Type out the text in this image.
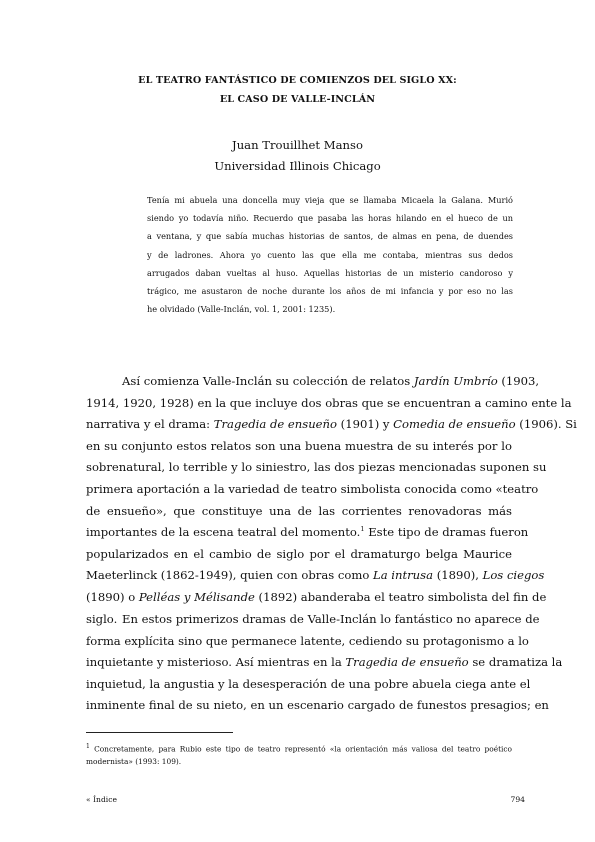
EL TEATRO FANTÁSTICO DE COMIENZOS DEL SIGLO XX:
EL CASO DE VALLE-INCLÁN
Juan Trouillhet Manso
Universidad Illinois Chicago
Tenía mi abuela una doncella muy vieja que se llamaba Micaela la Galana. Murió
siendo yo todavía niño. Recuerdo que pasaba las horas hilando en el hueco de un
a ventana, y que sabía muchas historias de santos, de almas en pena, de duendes
y de ladrones. Ahora yo cuento las que ella me contaba, mientras sus dedos
arrugados daban vueltas al huso. Aquellas historias de un misterio candoroso y
trágico, me asustaron de noche durante los años de mi infancia y por eso no las
he olvidado (Valle-Inclán, vol. 1, 2001: 1235).
Así comienza Valle-Inclán su colección de relatos Jardín Umbrío (1903,
1914, 1920, 1928) en la que incluye dos obras que se encuentran a camino ente la
narrativa y el drama: Tragedia de ensueño (1901) y Comedia de ensueño (1906). Si
en su conjunto estos relatos son una buena muestra de su interés por lo
sobrenatural, lo terrible y lo siniestro, las dos piezas mencionadas suponen su
primera aportación a la variedad de teatro simbolista conocida como «teatro
de ensueño», que constituye una de las corrientes renovadoras más
importantes de la escena teatral del momento.$^1$ Este tipo de dramas fueron
popularizados en el cambio de siglo por el dramaturgo belga Maurice
Maeterlinck (1862-1949), quien con obras como La intrusa (1890), Los ciegos
(1890) o Pelléas y Mélisande (1892) abanderaba el teatro simbolista del fin de
siglo. En estos primerizos dramas de Valle-Inclán lo fantástico no aparece de
forma explícita sino que permanece latente, cediendo su protagonismo a lo
inquietante y misterioso. Así mientras en la Tragedia de ensueño se dramatiza la
inquietud, la angustia y la desesperación de una pobre abuela ciega ante el
inminente final de su nieto, en un escenario cargado de funestos presagios; en
$^1$ Concretamente, para Rubio este tipo de teatro representó «la orientación más valiosa del teatro poético
modernista» (1993: 109).
« Índice	794
